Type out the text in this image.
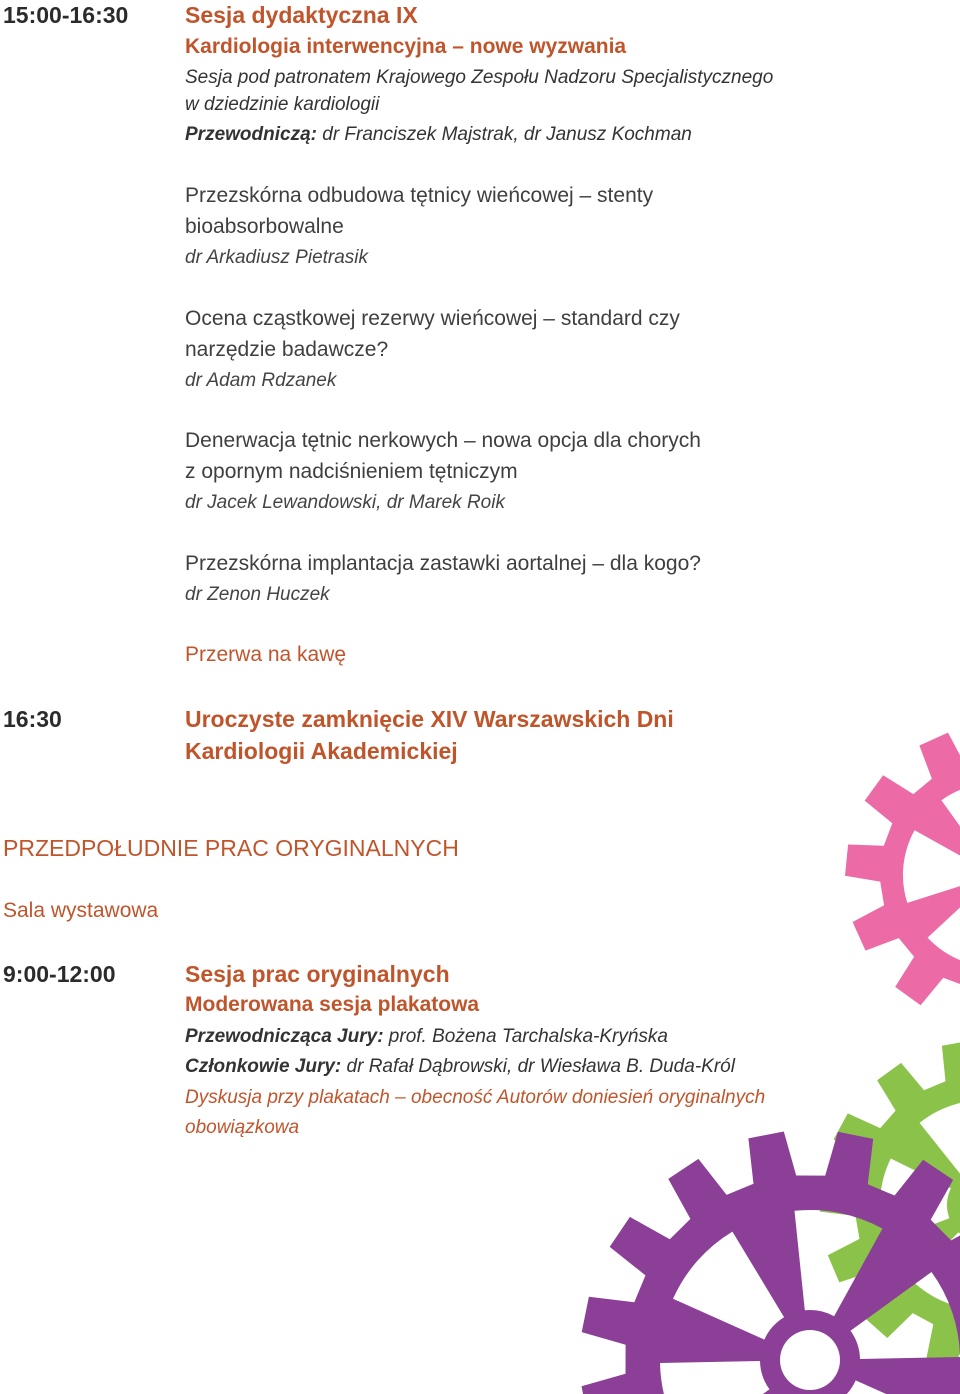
15:00-16:30 Sesja dydaktyczna IX
Kardiologia interwencyjna – nowe wyzwania
Sesja pod patronatem Krajowego Zespołu Nadzoru Specjalistycznego
w dziedzinie kardiologii
Przewodniczą: dr Franciszek Majstrak, dr Janusz Kochman
Przezskórna odbudowa tętnicy wieńcowej – stenty
bioabsorbowalne
dr Arkadiusz Pietrasik
Ocena cząstkowej rezerwy wieńcowej – standard czy
narzędzie badawcze?
dr Adam Rdzanek
Denerwacja tętnic nerkowych – nowa opcja dla chorych
z opornym nadciśnieniem tętniczym
dr Jacek Lewandowski, dr Marek Roik
Przezskórna implantacja zastawki aortalnej – dla kogo?
dr Zenon Huczek
Przerwa na kawę
16:30	Uroczyste zamknięcie XIV Warszawskich Dni
Kardiologii Akademickiej
PRZEDPOŁUDNIE PRAC ORYGINALNYCH
Sala wystawowa
9:00-12:00	Sesja prac oryginalnych
Moderowana sesja plakatowa
Przewodnicząca Jury: prof. Bożena Tarchalska-Kryńska
Członkowie Jury: dr Rafał Dąbrowski, dr Wiesława B. Duda-Król
Dyskusja przy plakatach – obecność Autorów doniesień oryginalnych
obowiązkowa
